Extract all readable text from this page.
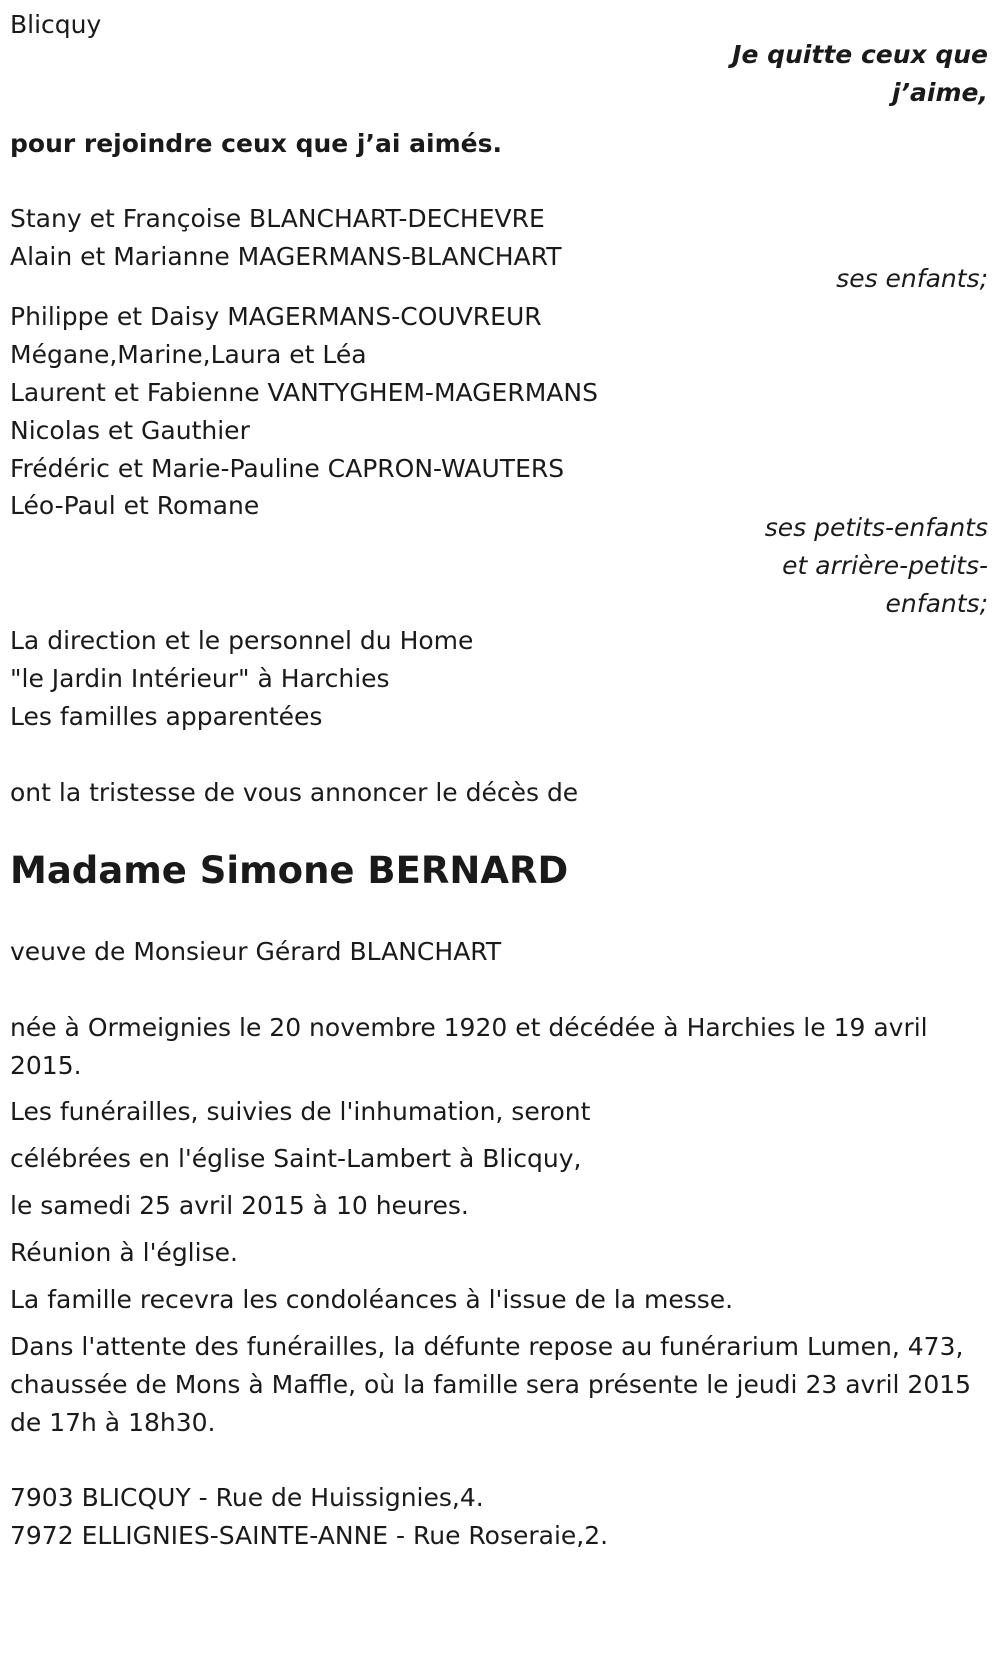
Blicquy

Je quitte ceux que

j’aime,

pour rejoindre ceux que j’ai aimés.

Stany et Françoise BLANCHART-DECHEVRE

Alain et Marianne MAGERMANS-BLANCHART

ses enfants;

Philippe et Daisy MAGERMANS-COUVREUR

Mégane,Marine,Laura et Léa

Laurent et Fabienne VANTYGHEM-MAGERMANS

Nicolas et Gauthier

Frédéric et Marie-Pauline CAPRON-WAUTERS

Léo-Paul et Romane

ses petits-enfants

et arrière-petits-

enfants;

La direction et le personnel du Home

"le Jardin Intérieur" à Harchies

Les familles apparentées

ont la tristesse de vous annoncer le décès de

Madame Simone BERNARD

veuve de Monsieur Gérard BLANCHART

née à Ormeignies le 20 novembre 1920 et décédée à Harchies le 19 avril 2015.

Les funérailles, suivies de l'inhumation, seront

célébrées en l'église Saint-Lambert à Blicquy,

le samedi 25 avril 2015 à 10 heures.

Réunion à l'église.

La famille recevra les condoléances à l'issue de la messe.

Dans l'attente des funérailles, la défunte repose au funérarium Lumen, 473, chaussée de Mons à Maffle, où la famille sera présente le jeudi 23 avril 2015 de 17h à 18h30.

7903 BLICQUY - Rue de Huissignies,4.

7972 ELLIGNIES-SAINTE-ANNE - Rue Roseraie,2.
